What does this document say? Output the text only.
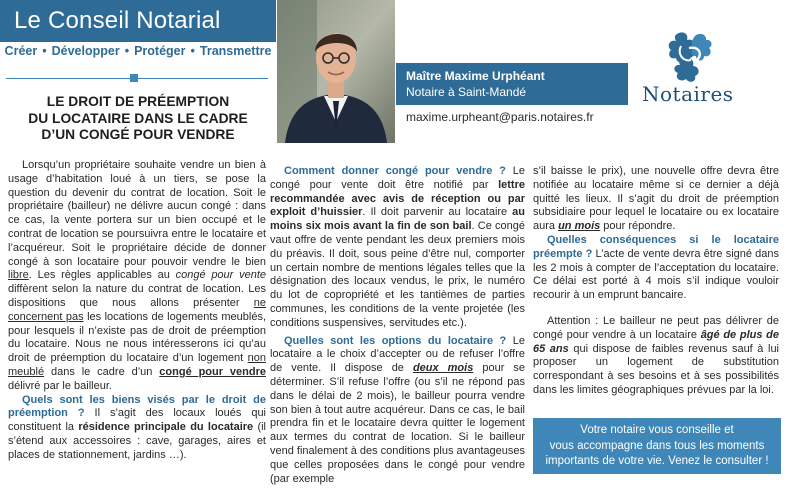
Le Conseil Notarial
Créer • Développer • Protéger • Transmettre
LE DROIT DE PRÉEMPTION
DU LOCATAIRE DANS LE CADRE
D’UN CONGÉ POUR VENDRE
Maître Maxime Urphéant
Notaire à Saint-Mandé
maxime.urpheant@paris.notaires.fr
Notaires

Lorsqu’un propriétaire souhaite vendre un bien à usage d’habitation loué à un tiers, se pose la question du devenir du contrat de location. Soit le propriétaire (bailleur) ne délivre aucun congé : dans ce cas, la vente portera sur un bien occupé et le contrat de location se poursuivra entre le locataire et l’acquéreur. Soit le propriétaire décide de donner congé à son locataire pour pouvoir vendre le bien libre. Les règles applicables au congé pour vente diffèrent selon la nature du contrat de location. Les dispositions que nous allons présenter ne concernent pas les locations de logements meublés, pour lesquels il n’existe pas de droit de préemption du locataire. Nous ne nous intéresserons ici qu’au droit de préemption du locataire d’un logement non meublé dans le cadre d’un congé pour vendre délivré par le bailleur.

Quels sont les biens visés par le droit de préemption ? Il s’agit des locaux loués qui constituent la résidence principale du locataire (il s’étend aux accessoires : cave, garages, aires et places de stationnement, jardins …).

Comment donner congé pour vendre ? Le congé pour vente doit être notifié par lettre recommandée avec avis de réception ou par exploit d’huissier. Il doit parvenir au locataire au moins six mois avant la fin de son bail. Ce congé vaut offre de vente pendant les deux premiers mois du préavis. Il doit, sous peine d’être nul, comporter un certain nombre de mentions légales telles que la désignation des locaux vendus, le prix, le numéro du lot de copropriété et les tantièmes de parties communes, les conditions de la vente projetée (les conditions suspensives, servitudes etc.).

Quelles sont les options du locataire ? Le locataire a le choix d’accepter ou de refuser l’offre de vente. Il dispose de deux mois pour se déterminer. S’il refuse l’offre (ou s’il ne répond pas dans le délai de 2 mois), le bailleur pourra vendre son bien à tout autre acquéreur. Dans ce cas, le bail prendra fin et le locataire devra quitter le logement aux termes du contrat de location. Si le bailleur vend finalement à des conditions plus avantageuses que celles proposées dans le congé pour vendre (par exemple

s’il baisse le prix), une nouvelle offre devra être notifiée au locataire même si ce dernier a déjà quitté les lieux. Il s’agit du droit de préemption subsidiaire pour lequel le locataire ou ex locataire aura un mois pour répondre.

Quelles conséquences si le locataire préempte ? L’acte de vente devra être signé dans les 2 mois à compter de l’acceptation du locataire. Ce délai est porté à 4 mois s’il indique vouloir recourir à un emprunt bancaire.

Attention : Le bailleur ne peut pas délivrer de congé pour vendre à un locataire âgé de plus de 65 ans qui dispose de faibles revenus sauf à lui proposer un logement de substitution correspondant à ses besoins et à ses possibilités dans les limites géographiques prévues par la loi.

Votre notaire vous conseille et
vous accompagne dans tous les moments
importants de votre vie. Venez le consulter !
